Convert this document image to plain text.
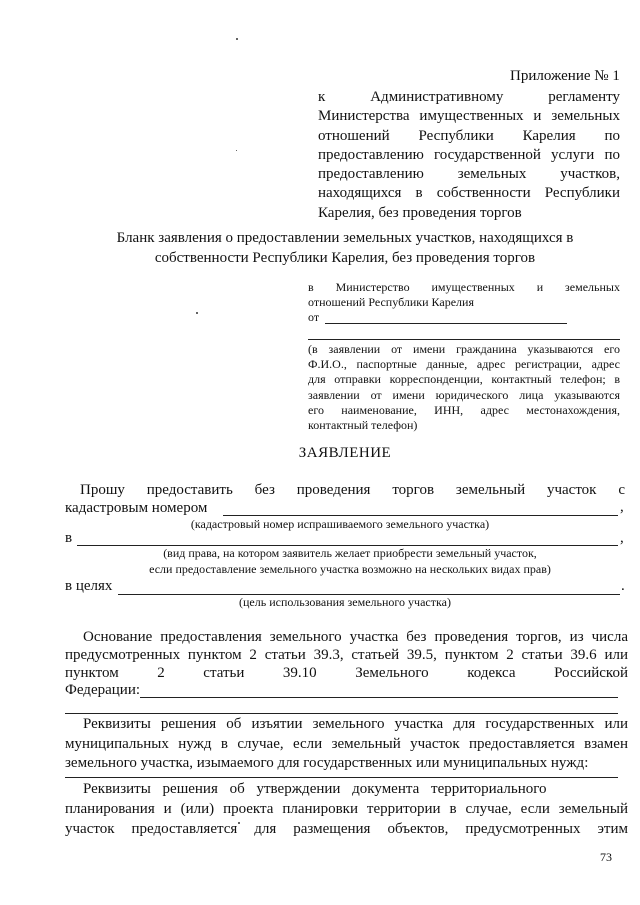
Приложение № 1
к Административному регламенту
Министерства имущественных и земельных
отношений Республики Карелия по
предоставлению государственной услуги по
предоставлению земельных участков,
находящихся в собственности Республики
Карелия, без проведения торгов
Бланк заявления о предоставлении земельных участков, находящихся в
собственности Республики Карелия, без проведения торгов
в Министерство имущественных и земельных
отношений Республики Карелия
от
(в заявлении от имени гражданина указываются его
Ф.И.О., паспортные данные, адрес регистрации, адрес
для отправки корреспонденции, контактный телефон; в
заявлении от имени юридического лица указываются
его наименование, ИНН, адрес местонахождения,
контактный телефон)
ЗАЯВЛЕНИЕ
Прошу предоставить без проведения торгов земельный участок с
кадастровым номером	,
(кадастровый номер испрашиваемого земельного участка)
в	,
(вид права, на котором заявитель желает приобрести земельный участок,
если предоставление земельного участка возможно на нескольких видах прав)
в целях	.
(цель использования земельного участка)
Основание предоставления земельного участка без проведения торгов, из числа
предусмотренных пунктом 2 статьи 39.3, статьей 39.5, пунктом 2 статьи 39.6 или
пунктом 2 статьи 39.10 Земельного кодекса Российской
Федерации:
Реквизиты решения об изъятии земельного участка для государственных или
муниципальных нужд в случае, если земельный участок предоставляется взамен
земельного участка, изымаемого для государственных или муниципальных нужд:
Реквизиты решения об утверждении документа территориального
планирования и (или) проекта планировки территории в случае, если земельный
участок предоставляется для размещения объектов, предусмотренных этим
73
